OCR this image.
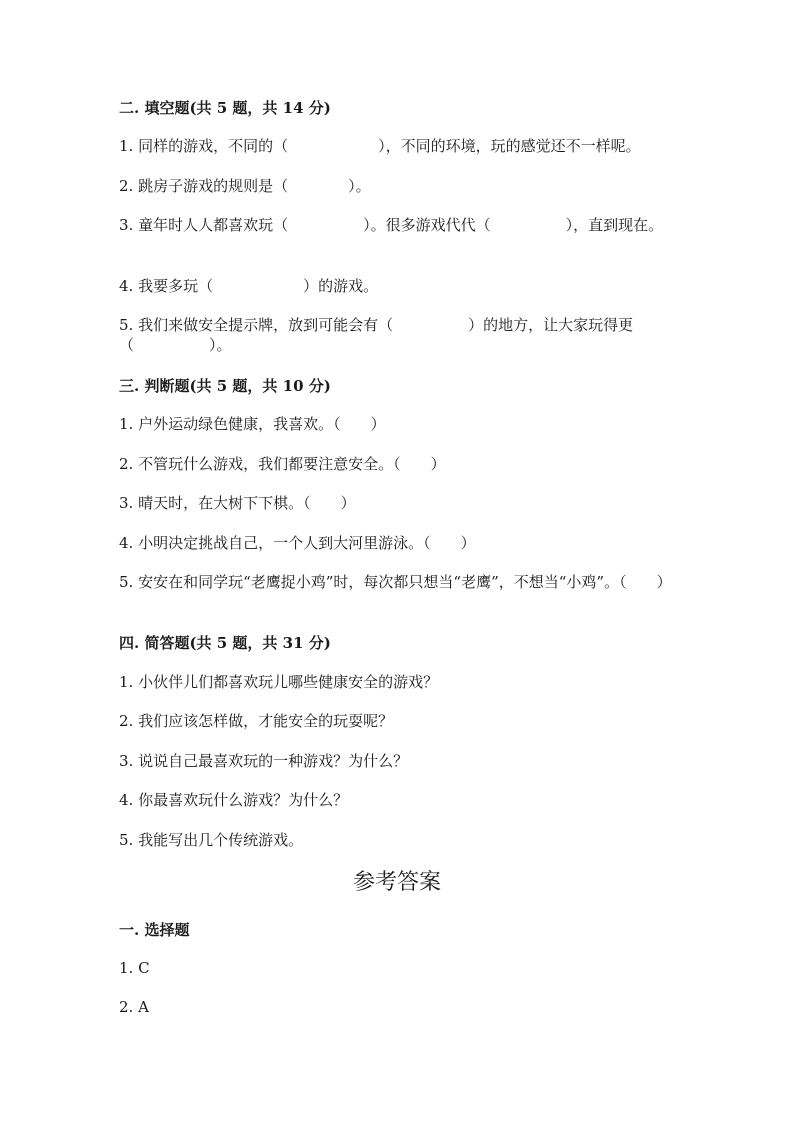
二. 填空题(共 5 题，共 14 分)
1. 同样的游戏，不同的（　　　　　　），不同的环境，玩的感觉还不一样呢。
2. 跳房子游戏的规则是（　　　　）。
3. 童年时人人都喜欢玩（　　　　　）。很多游戏代代（　　　　　），直到现在。
4. 我要多玩（　　　　　　）的游戏。
5. 我们来做安全提示牌，放到可能会有（　　　　　）的地方，让大家玩得更（　　　　　）。
三. 判断题(共 5 题，共 10 分)
1. 户外运动绿色健康，我喜欢。（　　）
2. 不管玩什么游戏，我们都要注意安全。（　　）
3. 晴天时，在大树下下棋。（　　）
4. 小明决定挑战自己，一个人到大河里游泳。（　　）
5. 安安在和同学玩“老鹰捉小鸡”时，每次都只想当“老鹰”，不想当“小鸡”。（　　）
四. 简答题(共 5 题，共 31 分)
1. 小伙伴儿们都喜欢玩儿哪些健康安全的游戏？
2. 我们应该怎样做，才能安全的玩耍呢？
3. 说说自己最喜欢玩的一种游戏？为什么？
4. 你最喜欢玩什么游戏？为什么？
5. 我能写出几个传统游戏。
参考答案
一. 选择题
1. C
2. A
